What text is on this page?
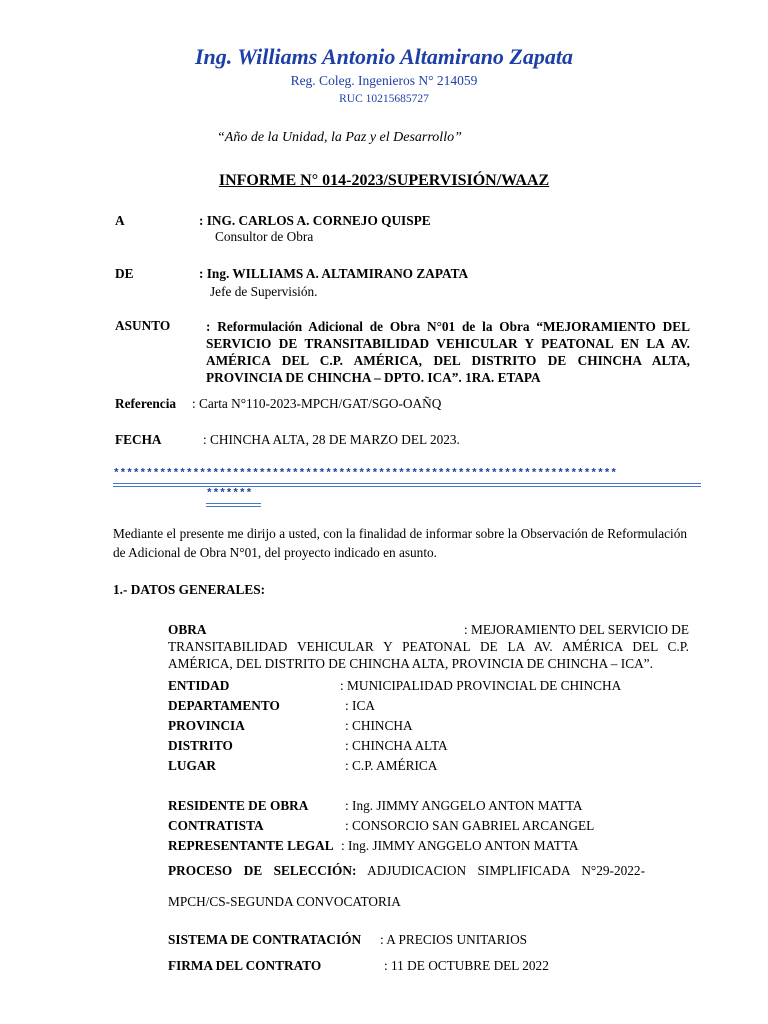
Ing. Williams Antonio Altamirano Zapata
Reg. Coleg. Ingenieros N° 214059
RUC 10215685727
“Año de la Unidad, la Paz y el Desarrollo”
INFORME N° 014-2023/SUPERVISIÓN/WAAZ
A	: ING. CARLOS A. CORNEJO QUISPE
Consultor de Obra
DE	: Ing. WILLIAMS A. ALTAMIRANO ZAPATA
Jefe de Supervisión.
ASUNTO	: Reformulación Adicional de Obra N°01 de la Obra “MEJORAMIENTO DEL SERVICIO DE TRANSITABILIDAD VEHICULAR Y PEATONAL EN LA AV. AMÉRICA DEL C.P. AMÉRICA, DEL DISTRITO DE CHINCHA ALTA, PROVINCIA DE CHINCHA – DPTO. ICA”. 1RA. ETAPA
Referencia : Carta N°110-2023-MPCH/GAT/SGO-OAÑQ
FECHA	: CHINCHA ALTA, 28 DE MARZO DEL 2023.
****************************************************************************
*******
Mediante el presente me dirijo a usted, con la finalidad de informar sobre la Observación de Reformulación de Adicional de Obra N°01, del proyecto indicado en asunto.
1.- DATOS GENERALES:
OBRA	: MEJORAMIENTO DEL SERVICIO DE
TRANSITABILIDAD VEHICULAR Y PEATONAL DE LA AV. AMÉRICA DEL C.P. AMÉRICA, DEL DISTRITO DE CHINCHA ALTA, PROVINCIA DE CHINCHA – ICA”.
ENTIDAD	: MUNICIPALIDAD PROVINCIAL DE CHINCHA
DEPARTAMENTO	: ICA
PROVINCIA	: CHINCHA
DISTRITO	: CHINCHA ALTA
LUGAR	: C.P. AMÉRICA
RESIDENTE DE OBRA	: Ing. JIMMY ANGGELO ANTON MATTA
CONTRATISTA	: CONSORCIO SAN GABRIEL ARCANGEL
REPRESENTANTE LEGAL : Ing. JIMMY ANGGELO ANTON MATTA
PROCESO DE SELECCIÓN: ADJUDICACION SIMPLIFICADA N°29-2022-MPCH/CS-SEGUNDA CONVOCATORIA
SISTEMA DE CONTRATACIÓN : A PRECIOS UNITARIOS
FIRMA DEL CONTRATO	: 11 DE OCTUBRE DEL 2022
